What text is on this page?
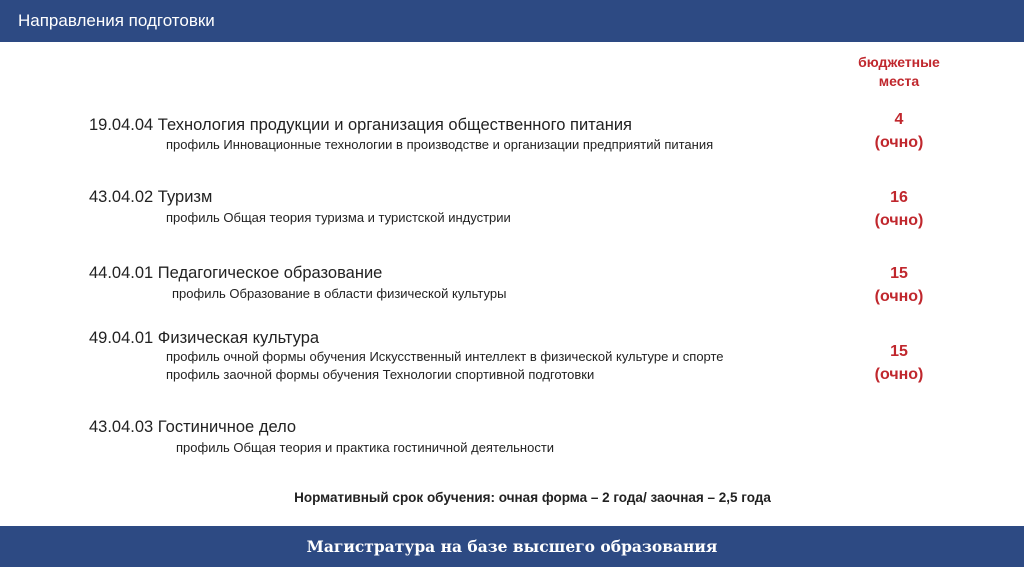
Направления подготовки
бюджетные
места
19.04.04 Технология продукции и организация общественного питания
профиль Инновационные технологии в производстве и организации предприятий питания
4
(очно)
43.04.02 Туризм
профиль Общая теория туризма и туристской индустрии
16
(очно)
44.04.01 Педагогическое образование
профиль Образование в области физической культуры
15
(очно)
49.04.01 Физическая культура
профиль очной формы обучения Искусственный интеллект в физической культуре и спорте
профиль заочной формы обучения Технологии спортивной подготовки
15
(очно)
43.04.03 Гостиничное дело
профиль Общая теория и практика гостиничной деятельности
Нормативный срок обучения: очная форма – 2 года/ заочная – 2,5 года
Магистратура на базе высшего образования
